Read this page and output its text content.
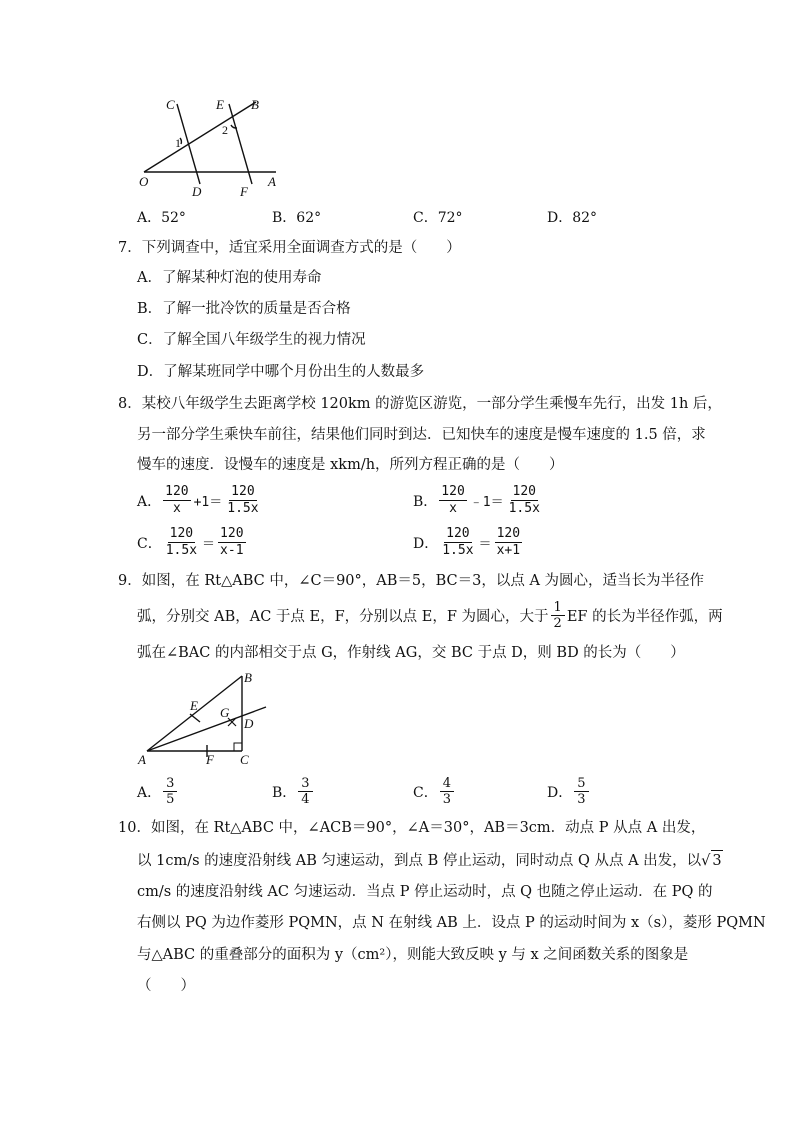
C	E B
1
2
O
D	F
A
A．52°	B．62°	C．72°	D．82°
7．下列调查中，适宜采用全面调查方式的是（　　）
A．了解某种灯泡的使用寿命
B．了解一批冷饮的质量是否合格
C．了解全国八年级学生的视力情况
D．了解某班同学中哪个月份出生的人数最多
8．某校八年级学生去距离学校 120km 的游览区游览，一部分学生乘慢车先行，出发 1h 后，
另一部分学生乘快车前往，结果他们同时到达．已知快车的速度是慢车速度的 1.5 倍，求
慢车的速度．设慢车的速度是 xkm/h，所列方程正确的是（　　）
A． $\frac{120}{x} +1= \frac{120}{1.5x}$	B． $\frac{120}{x}$ ﹣1＝ $\frac{120}{1.5x}$
C． $\frac{120}{1.5x} = \frac{120}{x-1}$	D． $\frac{120}{1.5x} = \frac{120}{x+1}$
9．如图，在 Rt△ABC 中，∠C＝90°，AB＝5，BC＝3，以点 A 为圆心，适当长为半径作
弧，分别交 AB，AC 于点 E，F，分别以点 E，F 为圆心，大于 $\frac{1}{2}$ EF 的长为半径作弧，两
弧在∠BAC 的内部相交于点 G，作射线 AG，交 BC 于点 D，则 BD 的长为（　　）
B
E G
D
A	F C
A． $\frac{3}{5}$	B． $\frac{3}{4}$	C． $\frac{4}{3}$	D． $\frac{5}{3}$
10．如图，在 Rt△ABC 中，∠ACB＝90°，∠A＝30°，AB＝3cm．动点 P 从点 A 出发，
以 1cm/s 的速度沿射线 AB 匀速运动，到点 B 停止运动，同时动点 Q 从点 A 出发，以√ 3
cm/s 的速度沿射线 AC 匀速运动．当点 P 停止运动时，点 Q 也随之停止运动．在 PQ 的
右侧以 PQ 为边作菱形 PQMN，点 N 在射线 AB 上．设点 P 的运动时间为 x（s），菱形 PQMN
与△ABC 的重叠部分的面积为 y（cm²），则能大致反映 y 与 x 之间函数关系的图象是
（　　）
